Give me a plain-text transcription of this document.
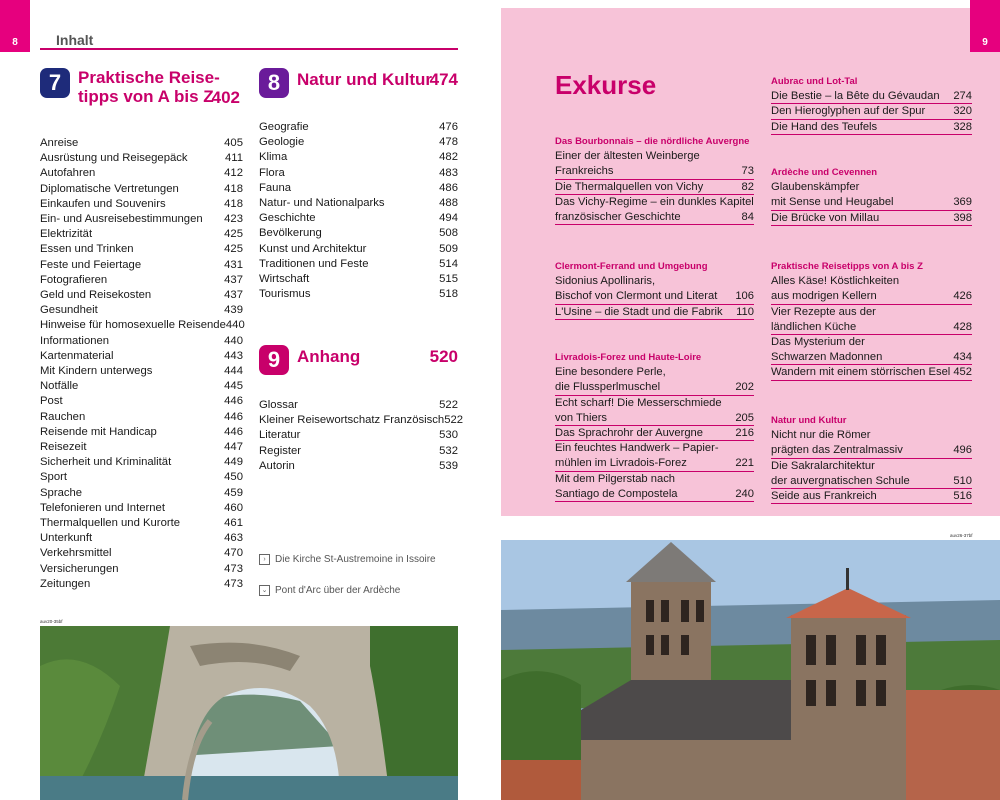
8	Inhalt
7 Praktische Reise-
tipps von A bis Z
402
Anreise	405
Ausrüstung und Reisegepäck	411
Autofahren	412
Diplomatische Vertretungen	418
Einkaufen und Souvenirs	418
Ein- und Ausreisebestimmungen 423
Elektrizität	425
Essen und Trinken	425
Feste und Feiertage	431
Fotografieren	437
Geld und Reisekosten	437
Gesundheit	439
Hinweise für homosexuelle Reisende 440
Informationen	440
Kartenmaterial	443
Mit Kindern unterwegs	444
Notfälle	445
Post	446
Rauchen	446
Reisende mit Handicap	446
Reisezeit	447
Sicherheit und Kriminalität	449
Sport	450
Sprache	459
Telefonieren und Internet	460
Thermalquellen und Kurorte	461
Unterkunft	463
Verkehrsmittel	470
Versicherungen	473
Zeitungen	473
8 Natur und Kultur
474
Geografie	476
Geologie	478
Klima	482
Flora	483
Fauna	486
Natur- und Nationalparks	488
Geschichte	494
Bevölkerung	508
Kunst und Architektur	509
Traditionen und Feste	514
Wirtschaft	515
Tourismus	518
9 Anhang	520
Glossar	522
Kleiner Reisewortschatz Französisch 522
Literatur	530
Register	532
Autorin	539
› Die Kirche St-Austremoine in Issoire
⌄ Pont d'Arc über der Ardèche
auv20-35bf
9
Exkurse
Das Bourbonnais – die nördliche Auvergne
Einer der ältesten Weinberge
Frankreichs	73
Die Thermalquellen von Vichy	82
Das Vichy-Regime – ein dunkles Kapitel
französischer Geschichte	84
Clermont-Ferrand und Umgebung
Sidonius Apollinaris,
Bischof von Clermont und Literat 106
L'Usine – die Stadt und die Fabrik 110
Livradois-Forez und Haute-Loire
Eine besondere Perle,
die Flussperlmuschel	202
Echt scharf! Die Messerschmiede
von Thiers	205
Das Sprachrohr der Auvergne	216
Ein feuchtes Handwerk – Papier-
mühlen im Livradois-Forez	221
Mit dem Pilgerstab nach
Santiago de Compostela	240
Aubrac und Lot-Tal
Die Bestie – la Bête du Gévaudan 274
Den Hieroglyphen auf der Spur	320
Die Hand des Teufels	328
Ardèche und Cevennen
Glaubenskämpfer
mit Sense und Heugabel	369
Die Brücke von Millau	398
Praktische Reisetipps von A bis Z
Alles Käse! Köstlichkeiten
aus modrigen Kellern	426
Vier Rezepte aus der
ländlichen Küche	428
Das Mysterium der
Schwarzen Madonnen	434
Wandern mit einem störrischen Esel 452
Natur und Kultur
Nicht nur die Römer
prägten das Zentralmassiv	496
Die Sakralarchitektur
der auvergnatischen Schule	510
Seide aus Frankreich	516
auv26-37bf
